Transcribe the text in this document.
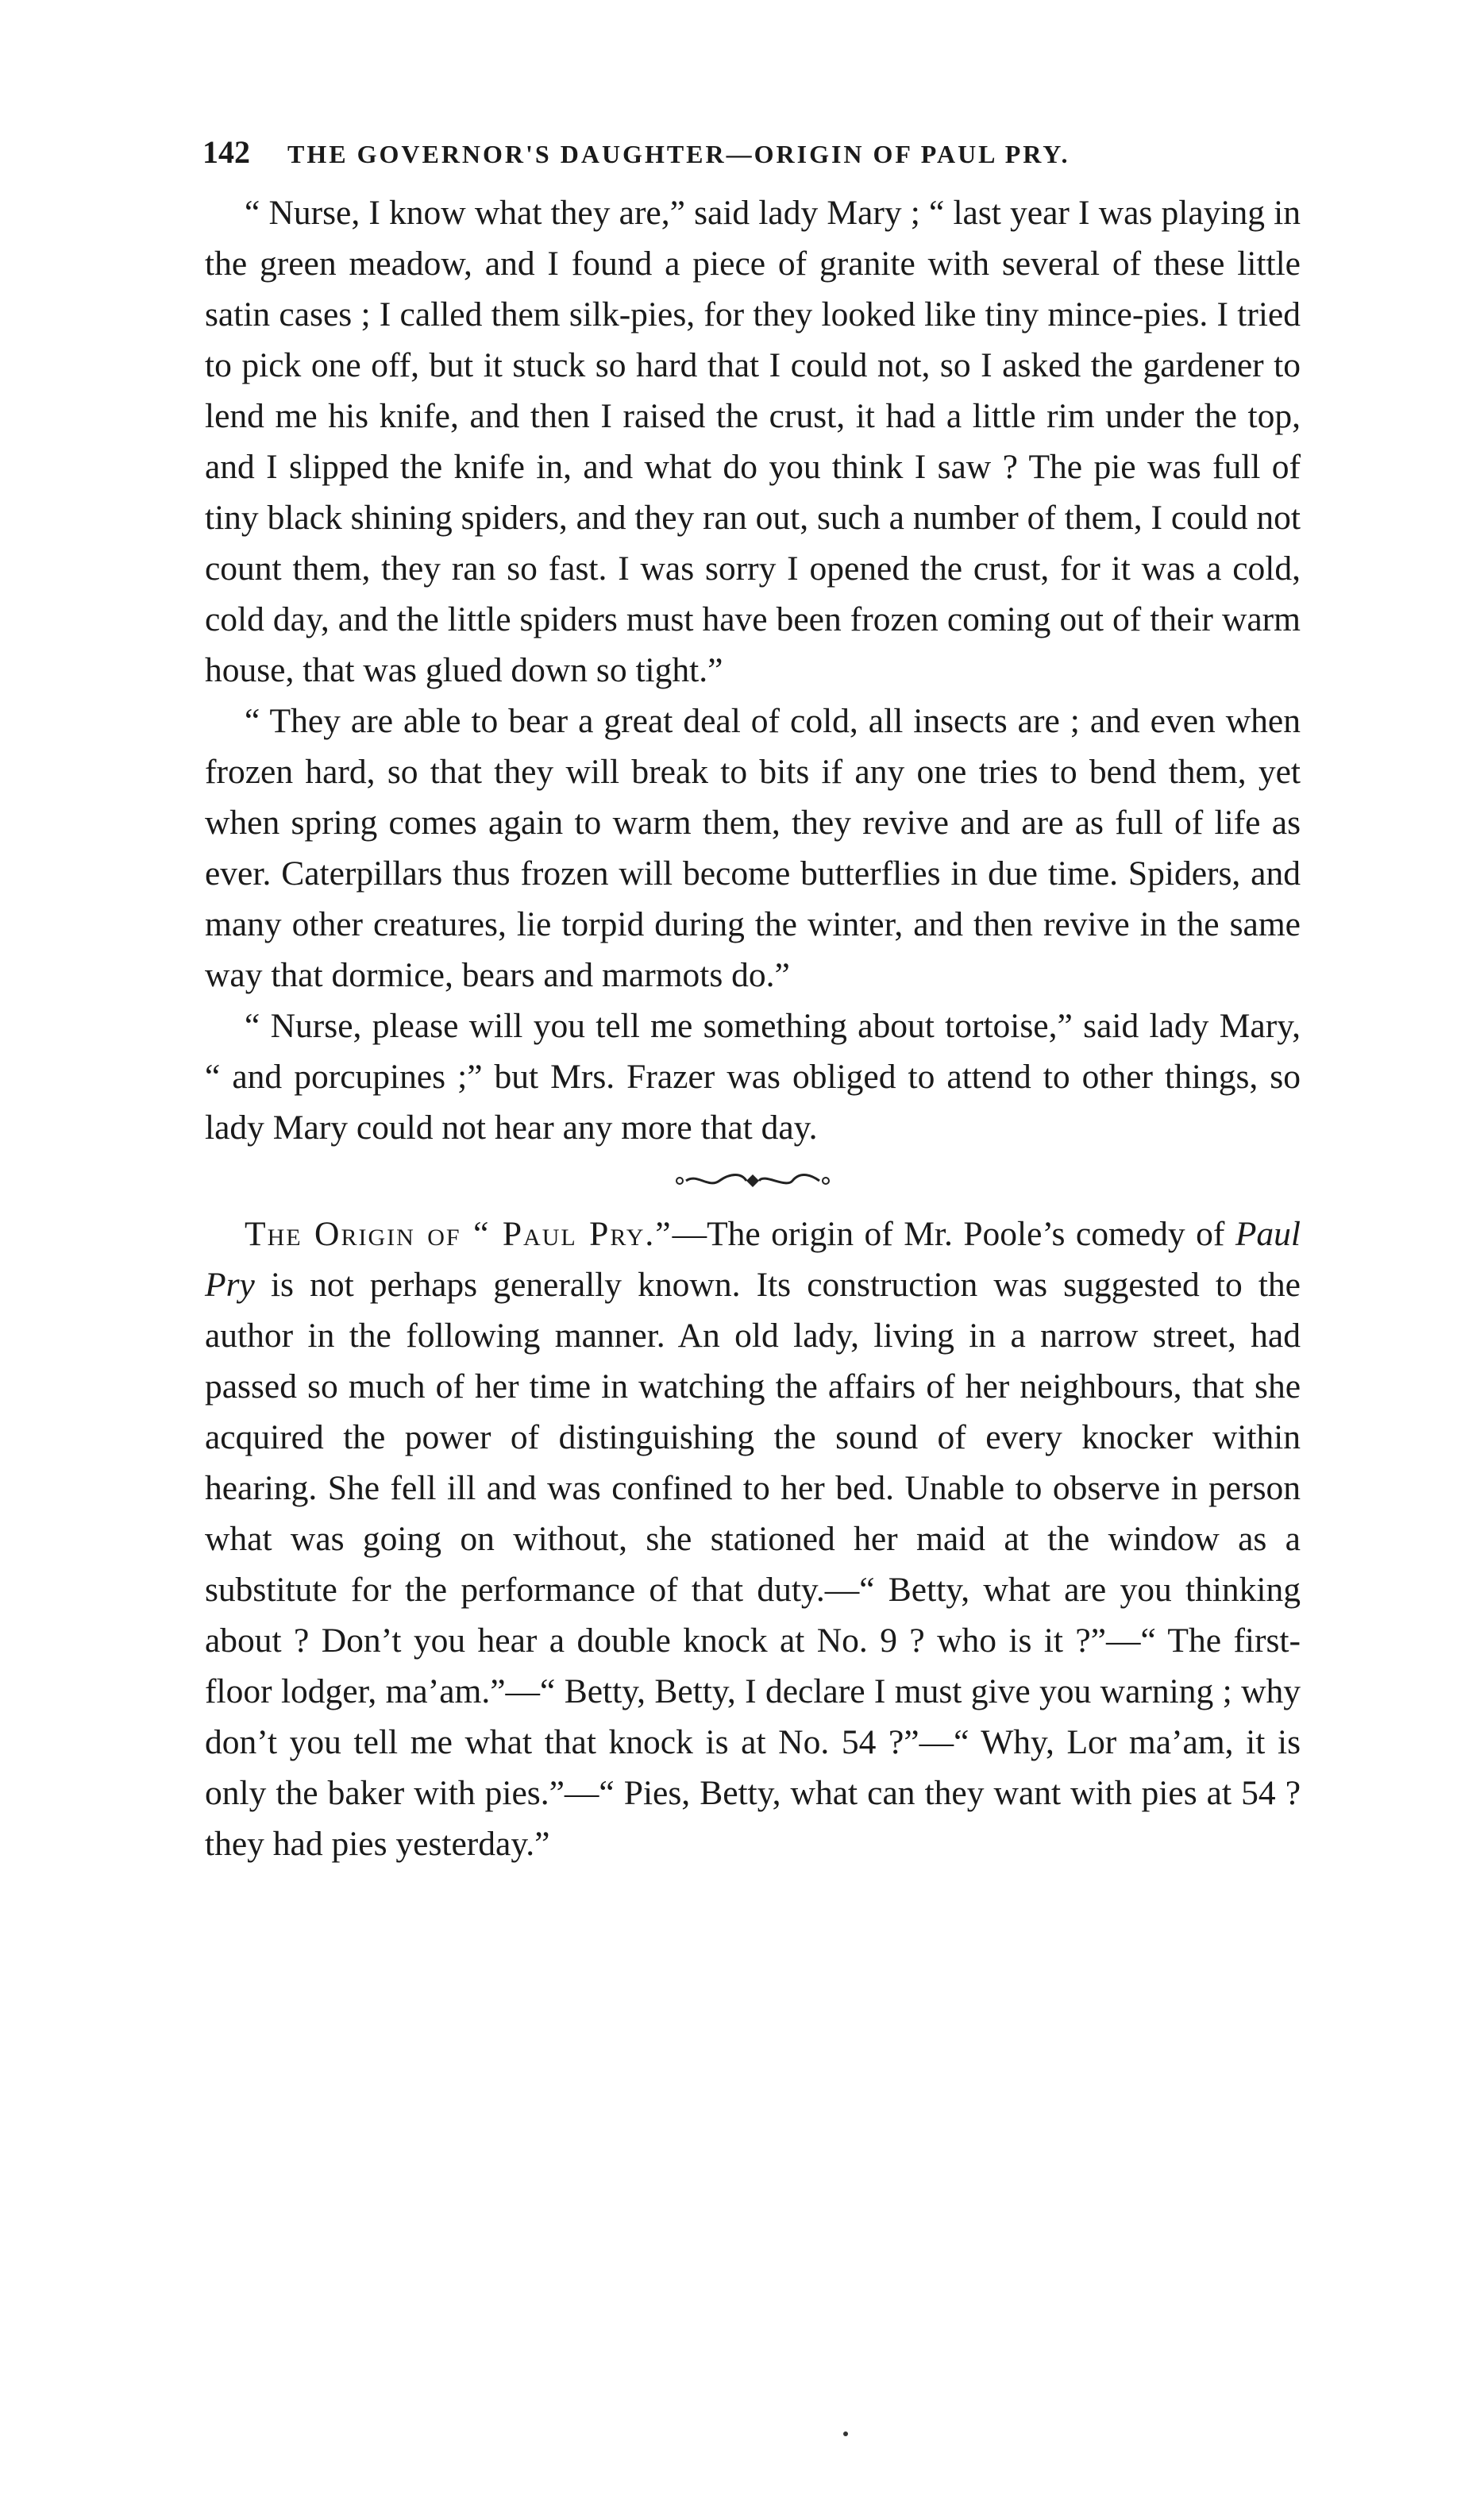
142 THE GOVERNOR'S DAUGHTER—ORIGIN OF PAUL PRY.

“ Nurse, I know what they are,” said lady Mary ; “ last year I was playing in the green meadow, and I found a piece of granite with several of these little satin cases ; I called them silk-pies, for they looked like tiny mince-pies. I tried to pick one off, but it stuck so hard that I could not, so I asked the gardener to lend me his knife, and then I raised the crust, it had a little rim under the top, and I slipped the knife in, and what do you think I saw ? The pie was full of tiny black shining spiders, and they ran out, such a number of them, I could not count them, they ran so fast. I was sorry I opened the crust, for it was a cold, cold day, and the little spiders must have been frozen coming out of their warm house, that was glued down so tight.”

“ They are able to bear a great deal of cold, all insects are ; and even when frozen hard, so that they will break to bits if any one tries to bend them, yet when spring comes again to warm them, they revive and are as full of life as ever. Caterpillars thus frozen will become butterflies in due time. Spiders, and many other creatures, lie torpid during the winter, and then revive in the same way that dormice, bears and marmots do.”

“ Nurse, please will you tell me something about tortoise,” said lady Mary, “ and porcupines ;” but Mrs. Frazer was obliged to attend to other things, so lady Mary could not hear any more that day.

The Origin of “ Paul Pry.”—The origin of Mr. Poole’s comedy of Paul Pry is not perhaps generally known. Its construction was suggested to the author in the following manner. An old lady, living in a narrow street, had passed so much of her time in watching the affairs of her neighbours, that she acquired the power of distinguishing the sound of every knocker within hearing. She fell ill and was confined to her bed. Unable to observe in person what was going on without, she stationed her maid at the window as a substitute for the performance of that duty.—“ Betty, what are you thinking about ? Don’t you hear a double knock at No. 9 ? who is it ?”—“ The first-floor lodger, ma’am.”—“ Betty, Betty, I declare I must give you warning ; why don’t you tell me what that knock is at No. 54 ?”—“ Why, Lor ma’am, it is only the baker with pies.”—“ Pies, Betty, what can they want with pies at 54 ? they had pies yesterday.”
